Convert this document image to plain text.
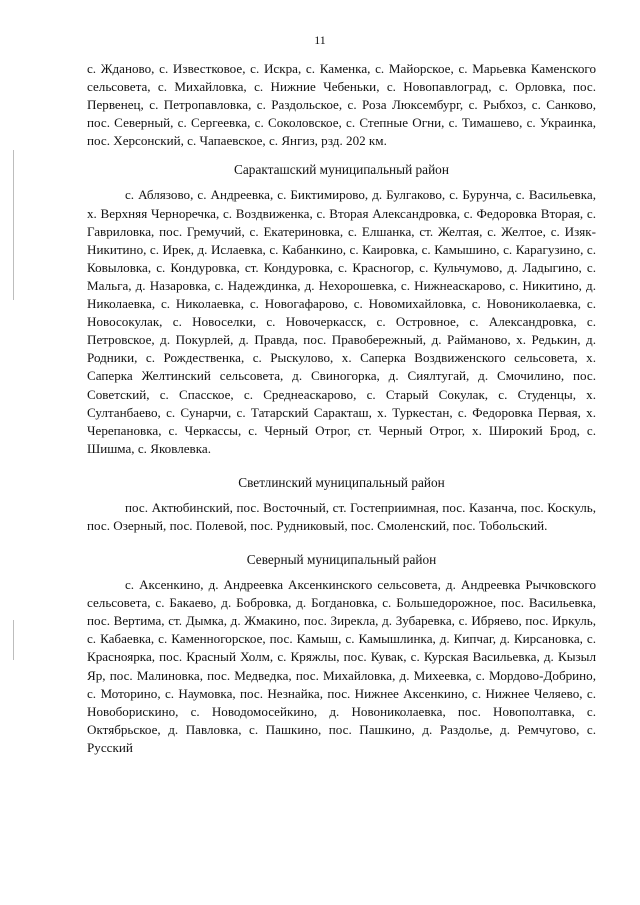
11

с. Жданово, с. Известковое, с. Искра, с. Каменка, с. Майорское, с. Марьевка Каменского сельсовета, с. Михайловка, с. Нижние Чебеньки, с. Новопавлоград, с. Орловка, пос. Первенец, с. Петропавловка, с. Раздольское, с. Роза Люксембург, с. Рыбхоз, с. Санково, пос. Северный, с. Сергеевка, с. Соколовское, с. Степные Огни, с. Тимашево, с. Украинка, пос. Херсонский, с. Чапаевское, с. Янгиз, рзд. 202 км.

Саракташский муниципальный район

с. Аблязово, с. Андреевка, с. Биктимирово, д. Булгаково, с. Бурунча, с. Васильевка, х. Верхняя Черноречка, с. Воздвиженка, с. Вторая Александровка, с. Федоровка Вторая, с. Гавриловка, пос. Гремучий, с. Екатериновка, с. Елшанка, ст. Желтая, с. Желтое, с. Изяк-Никитино, с. Ирек, д. Ислаевка, с. Кабанкино, с. Каировка, с. Камышино, с. Карагузино, с. Ковыловка, с. Кондуровка, ст. Кондуровка, с. Красногор, с. Кульчумово, д. Ладыгино, с. Мальга, д. Назаровка, с. Надеждинка, д. Нехорошевка, с. Нижнеаскарово, с. Никитино, д. Николаевка, с. Николаевка, с. Новогафарово, с. Новомихайловка, с. Новониколаевка, с. Новосокулак, с. Новоселки, с. Новочеркасск, с. Островное, с. Александровка, с. Петровское, д. Покурлей, д. Правда, пос. Правобережный, д. Райманово, х. Редькин, д. Родники, с. Рождественка, с. Рыскулово, х. Саперка Воздвиженского сельсовета, х. Саперка Желтинский сельсовета, д. Свиногорка, д. Сиялтугай, д. Смочилино, пос. Советский, с. Спасское, с. Среднеаскарово, с. Старый Сокулак, с. Студенцы, х. Султанбаево, с. Сунарчи, с. Татарский Саракташ, х. Туркестан, с. Федоровка Первая, х. Черепановка, с. Черкассы, с. Черный Отрог, ст. Черный Отрог, х. Широкий Брод, с. Шишма, с. Яковлевка.

Светлинский муниципальный район

пос. Актюбинский, пос. Восточный, ст. Гостеприимная, пос. Казанча, пос. Коскуль, пос. Озерный, пос. Полевой, пос. Рудниковый, пос. Смоленский, пос. Тобольский.

Северный муниципальный район

с. Аксенкино, д. Андреевка Аксенкинского сельсовета, д. Андреевка Рычковского сельсовета, с. Бакаево, д. Бобровка, д. Богдановка, с. Большедорожное, пос. Васильевка, пос. Вертима, ст. Дымка, д. Жмакино, пос. Зирекла, д. Зубаревка, с. Ибряево, пос. Иркуль, с. Кабаевка, с. Каменногорское, пос. Камыш, с. Камышлинка, д. Кипчаг, д. Кирсановка, с. Красноярка, пос. Красный Холм, с. Кряжлы, пос. Кувак, с. Курская Васильевка, д. Кызыл Яр, пос. Малиновка, пос. Медведка, пос. Михайловка, д. Михеевка, с. Мордово-Добрино, с. Моторино, с. Наумовка, пос. Незнайка, пос. Нижнее Аксенкино, с. Нижнее Челяево, с. Новоборискино, с. Новодомосейкино, д. Новониколаевка, пос. Новополтавка, с. Октябрьское, д. Павловка, с. Пашкино, пос. Пашкино, д. Раздолье, д. Ремчугово, с. Русский
